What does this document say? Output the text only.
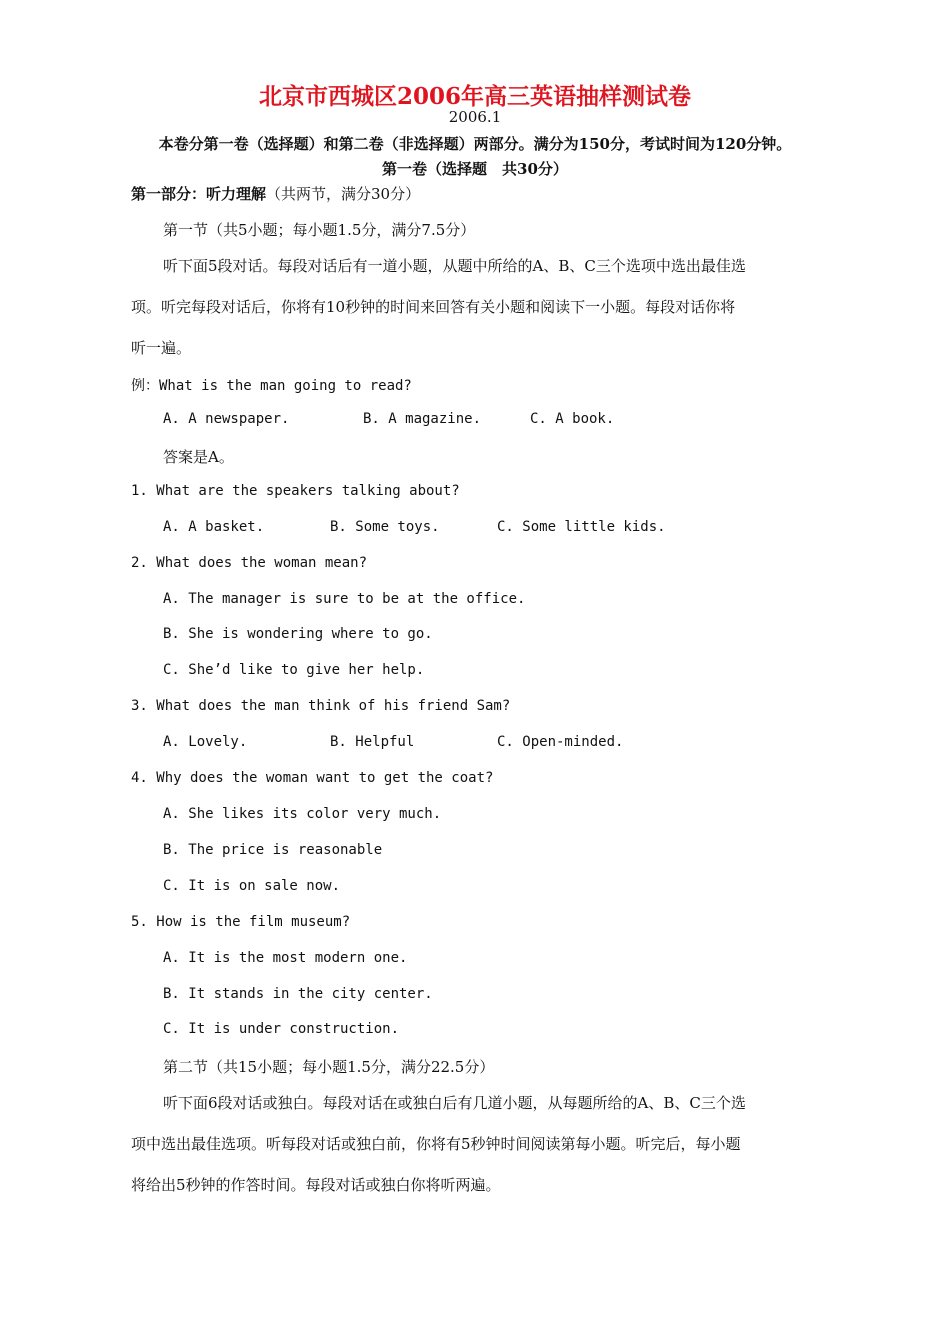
北京市西城区2006年高三英语抽样测试卷
2006.1
本卷分第一卷（选择题）和第二卷（非选择题）两部分。满分为150分，考试时间为120分钟。
第一卷（选择题　共30分）
第一部分：听力理解（共两节，满分30分）
第一节（共5小题；每小题1.5分，满分7.5分）
听下面5段对话。每段对话后有一道小题，从题中所给的A、B、C三个选项中选出最佳选
项。听完每段对话后，你将有10秒钟的时间来回答有关小题和阅读下一小题。每段对话你将
听一遍。
例：What is the man going to read?
A. A newspaper.	B. A magazine.	C. A book.
答案是A。
1. What are the speakers talking about?
A. A basket.	B. Some toys.	C. Some little kids.
2. What does the woman mean?
A. The manager is sure to be at the office.
B. She is wondering where to go.
C. She’d like to give her help.
3. What does the man think of his friend Sam?
A. Lovely.	B. Helpful	C. Open-minded.
4. Why does the woman want to get the coat?
A. She likes its color very much.
B. The price is reasonable
C. It is on sale now.
5. How is the film museum?
A. It is the most modern one.
B. It stands in the city center.
C. It is under construction.
第二节（共15小题；每小题1.5分，满分22.5分）
听下面6段对话或独白。每段对话在或独白后有几道小题，从每题所给的A、B、C三个选
项中选出最佳选项。听每段对话或独白前，你将有5秒钟时间阅读第每小题。听完后，每小题
将给出5秒钟的作答时间。每段对话或独白你将听两遍。
